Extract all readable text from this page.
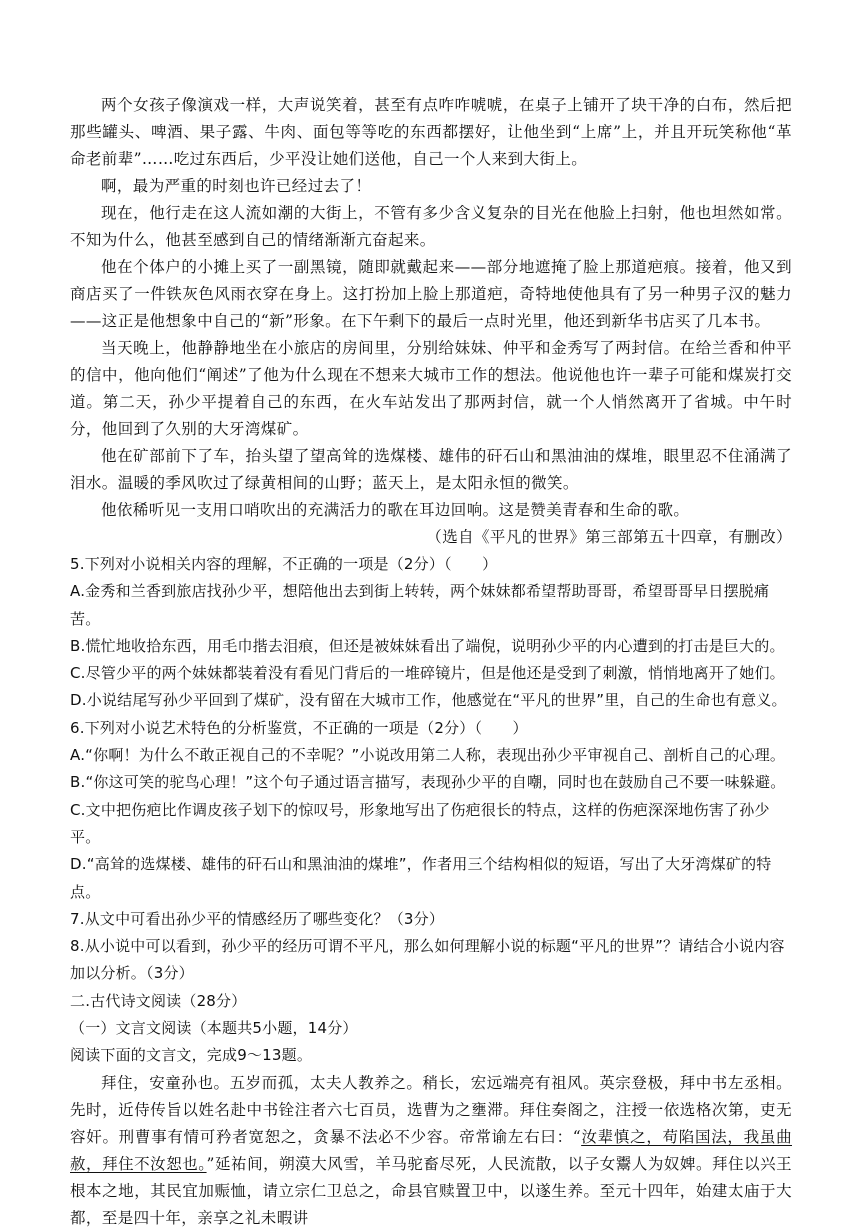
两个女孩子像演戏一样，大声说笑着，甚至有点咋咋唬唬，在桌子上铺开了块干净的白布，然后把那些罐头、啤酒、果子露、牛肉、面包等等吃的东西都摆好，让他坐到“上席”上，并且开玩笑称他“革命老前辈”……吃过东西后，少平没让她们送他，自己一个人来到大街上。

啊，最为严重的时刻也许已经过去了！

现在，他行走在这人流如潮的大街上，不管有多少含义复杂的目光在他脸上扫射，他也坦然如常。不知为什么，他甚至感到自己的情绪渐渐亢奋起来。

他在个体户的小摊上买了一副黑镜，随即就戴起来——部分地遮掩了脸上那道疤痕。接着，他又到商店买了一件铁灰色风雨衣穿在身上。这打扮加上脸上那道疤，奇特地使他具有了另一种男子汉的魅力——这正是他想象中自己的“新”形象。在下午剩下的最后一点时光里，他还到新华书店买了几本书。

当天晚上，他静静地坐在小旅店的房间里，分别给妹妹、仲平和金秀写了两封信。在给兰香和仲平的信中，他向他们“阐述”了他为什么现在不想来大城市工作的想法。他说他也许一辈子可能和煤炭打交道。第二天，孙少平提着自己的东西，在火车站发出了那两封信，就一个人悄然离开了省城。中午时分，他回到了久别的大牙湾煤矿。

他在矿部前下了车，抬头望了望高耸的选煤楼、雄伟的矸石山和黑油油的煤堆，眼里忍不住涌满了泪水。温暖的季风吹过了绿黄相间的山野；蓝天上，是太阳永恒的微笑。

他依稀听见一支用口哨吹出的充满活力的歌在耳边回响。这是赞美青春和生命的歌。

（选自《平凡的世界》第三部第五十四章，有删改）

5.下列对小说相关内容的理解，不正确的一项是（2分）（　　）

A.金秀和兰香到旅店找孙少平，想陪他出去到街上转转，两个妹妹都希望帮助哥哥，希望哥哥早日摆脱痛苦。

B.慌忙地收拾东西，用毛巾揩去泪痕，但还是被妹妹看出了端倪，说明孙少平的内心遭到的打击是巨大的。

C.尽管少平的两个妹妹都装着没有看见门背后的一堆碎镜片，但是他还是受到了刺激，悄悄地离开了她们。

D.小说结尾写孙少平回到了煤矿，没有留在大城市工作，他感觉在“平凡的世界”里，自己的生命也有意义。

6.下列对小说艺术特色的分析鉴赏，不正确的一项是（2分）（　　）

A.“你啊！为什么不敢正视自己的不幸呢？”小说改用第二人称，表现出孙少平审视自己、剖析自己的心理。

B.“你这可笑的驼鸟心理！”这个句子通过语言描写，表现孙少平的自嘲，同时也在鼓励自己不要一味躲避。

C.文中把伤疤比作调皮孩子划下的惊叹号，形象地写出了伤疤很长的特点，这样的伤疤深深地伤害了孙少平。

D.“高耸的选煤楼、雄伟的矸石山和黑油油的煤堆”，作者用三个结构相似的短语，写出了大牙湾煤矿的特点。

7.从文中可看出孙少平的情感经历了哪些变化？（3分）

8.从小说中可以看到，孙少平的经历可谓不平凡，那么如何理解小说的标题“平凡的世界”？请结合小说内容加以分析。（3分）

二.古代诗文阅读（28分）

（一）文言文阅读（本题共5小题，14分）

阅读下面的文言文，完成9～13题。

拜住，安童孙也。五岁而孤，太夫人教养之。稍长，宏远端亮有祖风。英宗登极，拜中书左丞相。先时，近侍传旨以姓名赴中书铨注者六七百员，选曹为之壅滞。拜住奏阁之，注授一依选格次第，吏无容奸。刑曹事有情可矜者宽恕之，贪暴不法必不少容。帝常谕左右曰：“汝辈慎之，苟陷国法，我虽曲赦，拜住不汝恕也。”延祐间，朔漠大风雪，羊马驼畜尽死，人民流散，以子女鬻人为奴婢。拜住以兴王根本之地，其民宜加赈恤，请立宗仁卫总之，命县官赎置卫中，以遂生养。至元十四年，始建太庙于大都，至是四十年，亲享之礼未暇讲
